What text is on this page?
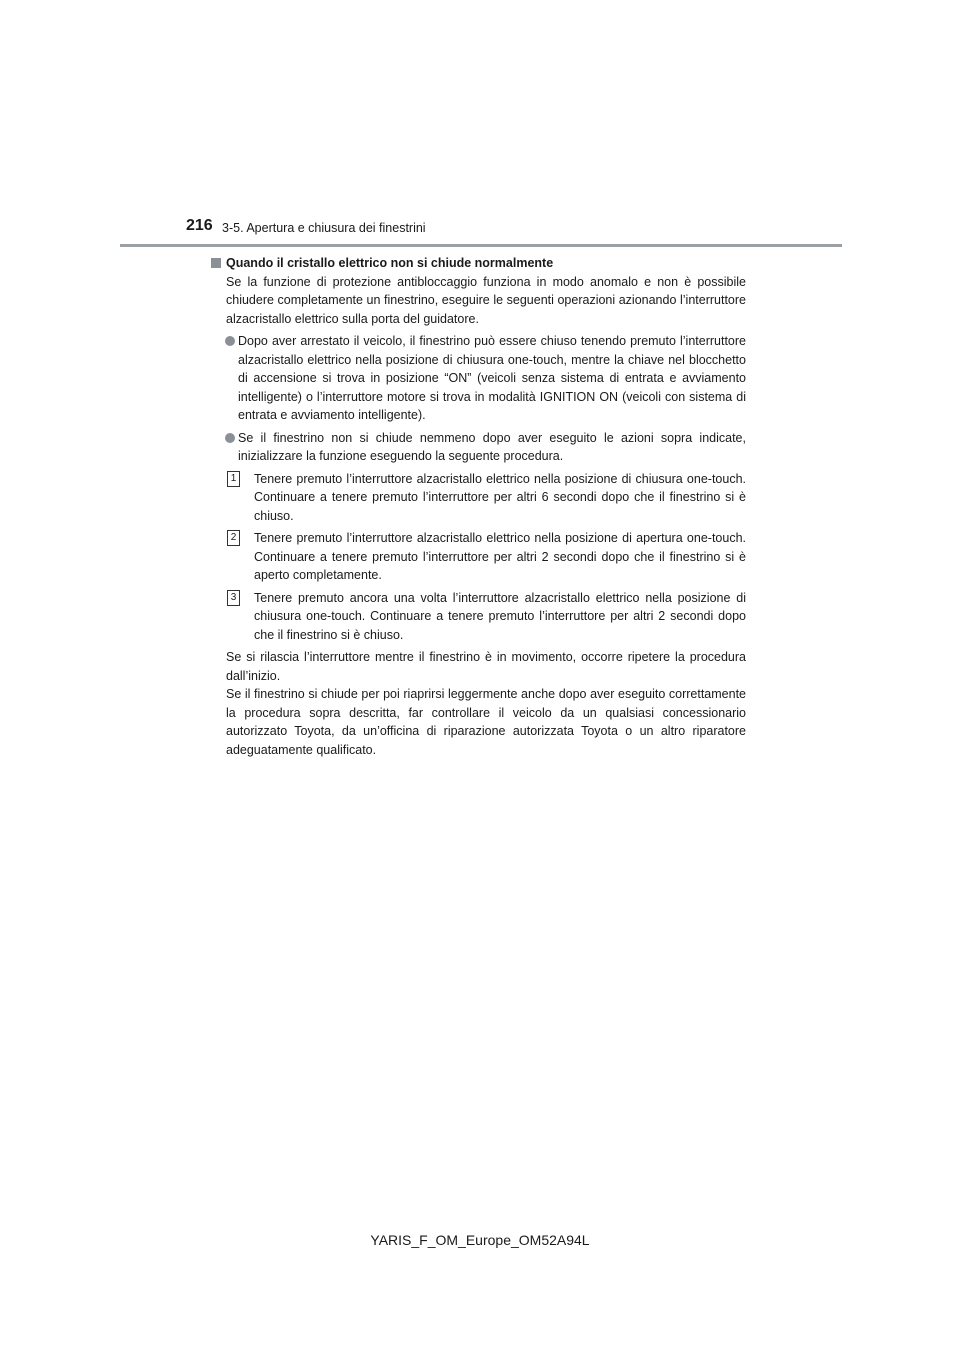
216 3-5. Apertura e chiusura dei finestrini

Quando il cristallo elettrico non si chiude normalmente

Se la funzione di protezione antibloccaggio funziona in modo anomalo e non è possibile chiudere completamente un finestrino, eseguire le seguenti operazioni azionando l’interruttore alzacristallo elettrico sulla porta del guidatore.

Dopo aver arrestato il veicolo, il finestrino può essere chiuso tenendo premuto l’interruttore alzacristallo elettrico nella posizione di chiusura one-touch, mentre la chiave nel blocchetto di accensione si trova in posizione “ON” (veicoli senza sistema di entrata e avviamento intelligente) o l’interruttore motore si trova in modalità IGNITION ON (veicoli con sistema di entrata e avviamento intelligente).

Se il finestrino non si chiude nemmeno dopo aver eseguito le azioni sopra indicate, inizializzare la funzione eseguendo la seguente procedura.

1 Tenere premuto l’interruttore alzacristallo elettrico nella posizione di chiusura one-touch. Continuare a tenere premuto l’interruttore per altri 6 secondi dopo che il finestrino si è chiuso.

2 Tenere premuto l’interruttore alzacristallo elettrico nella posizione di apertura one-touch. Continuare a tenere premuto l’interruttore per altri 2 secondi dopo che il finestrino si è aperto completamente.

3 Tenere premuto ancora una volta l’interruttore alzacristallo elettrico nella posizione di chiusura one-touch. Continuare a tenere premuto l’interruttore per altri 2 secondi dopo che il finestrino si è chiuso.

Se si rilascia l’interruttore mentre il finestrino è in movimento, occorre ripetere la procedura dall’inizio.
Se il finestrino si chiude per poi riaprirsi leggermente anche dopo aver eseguito correttamente la procedura sopra descritta, far controllare il veicolo da un qualsiasi concessionario autorizzato Toyota, da un’officina di riparazione autorizzata Toyota o un altro riparatore adeguatamente qualificato.

YARIS_F_OM_Europe_OM52A94L
